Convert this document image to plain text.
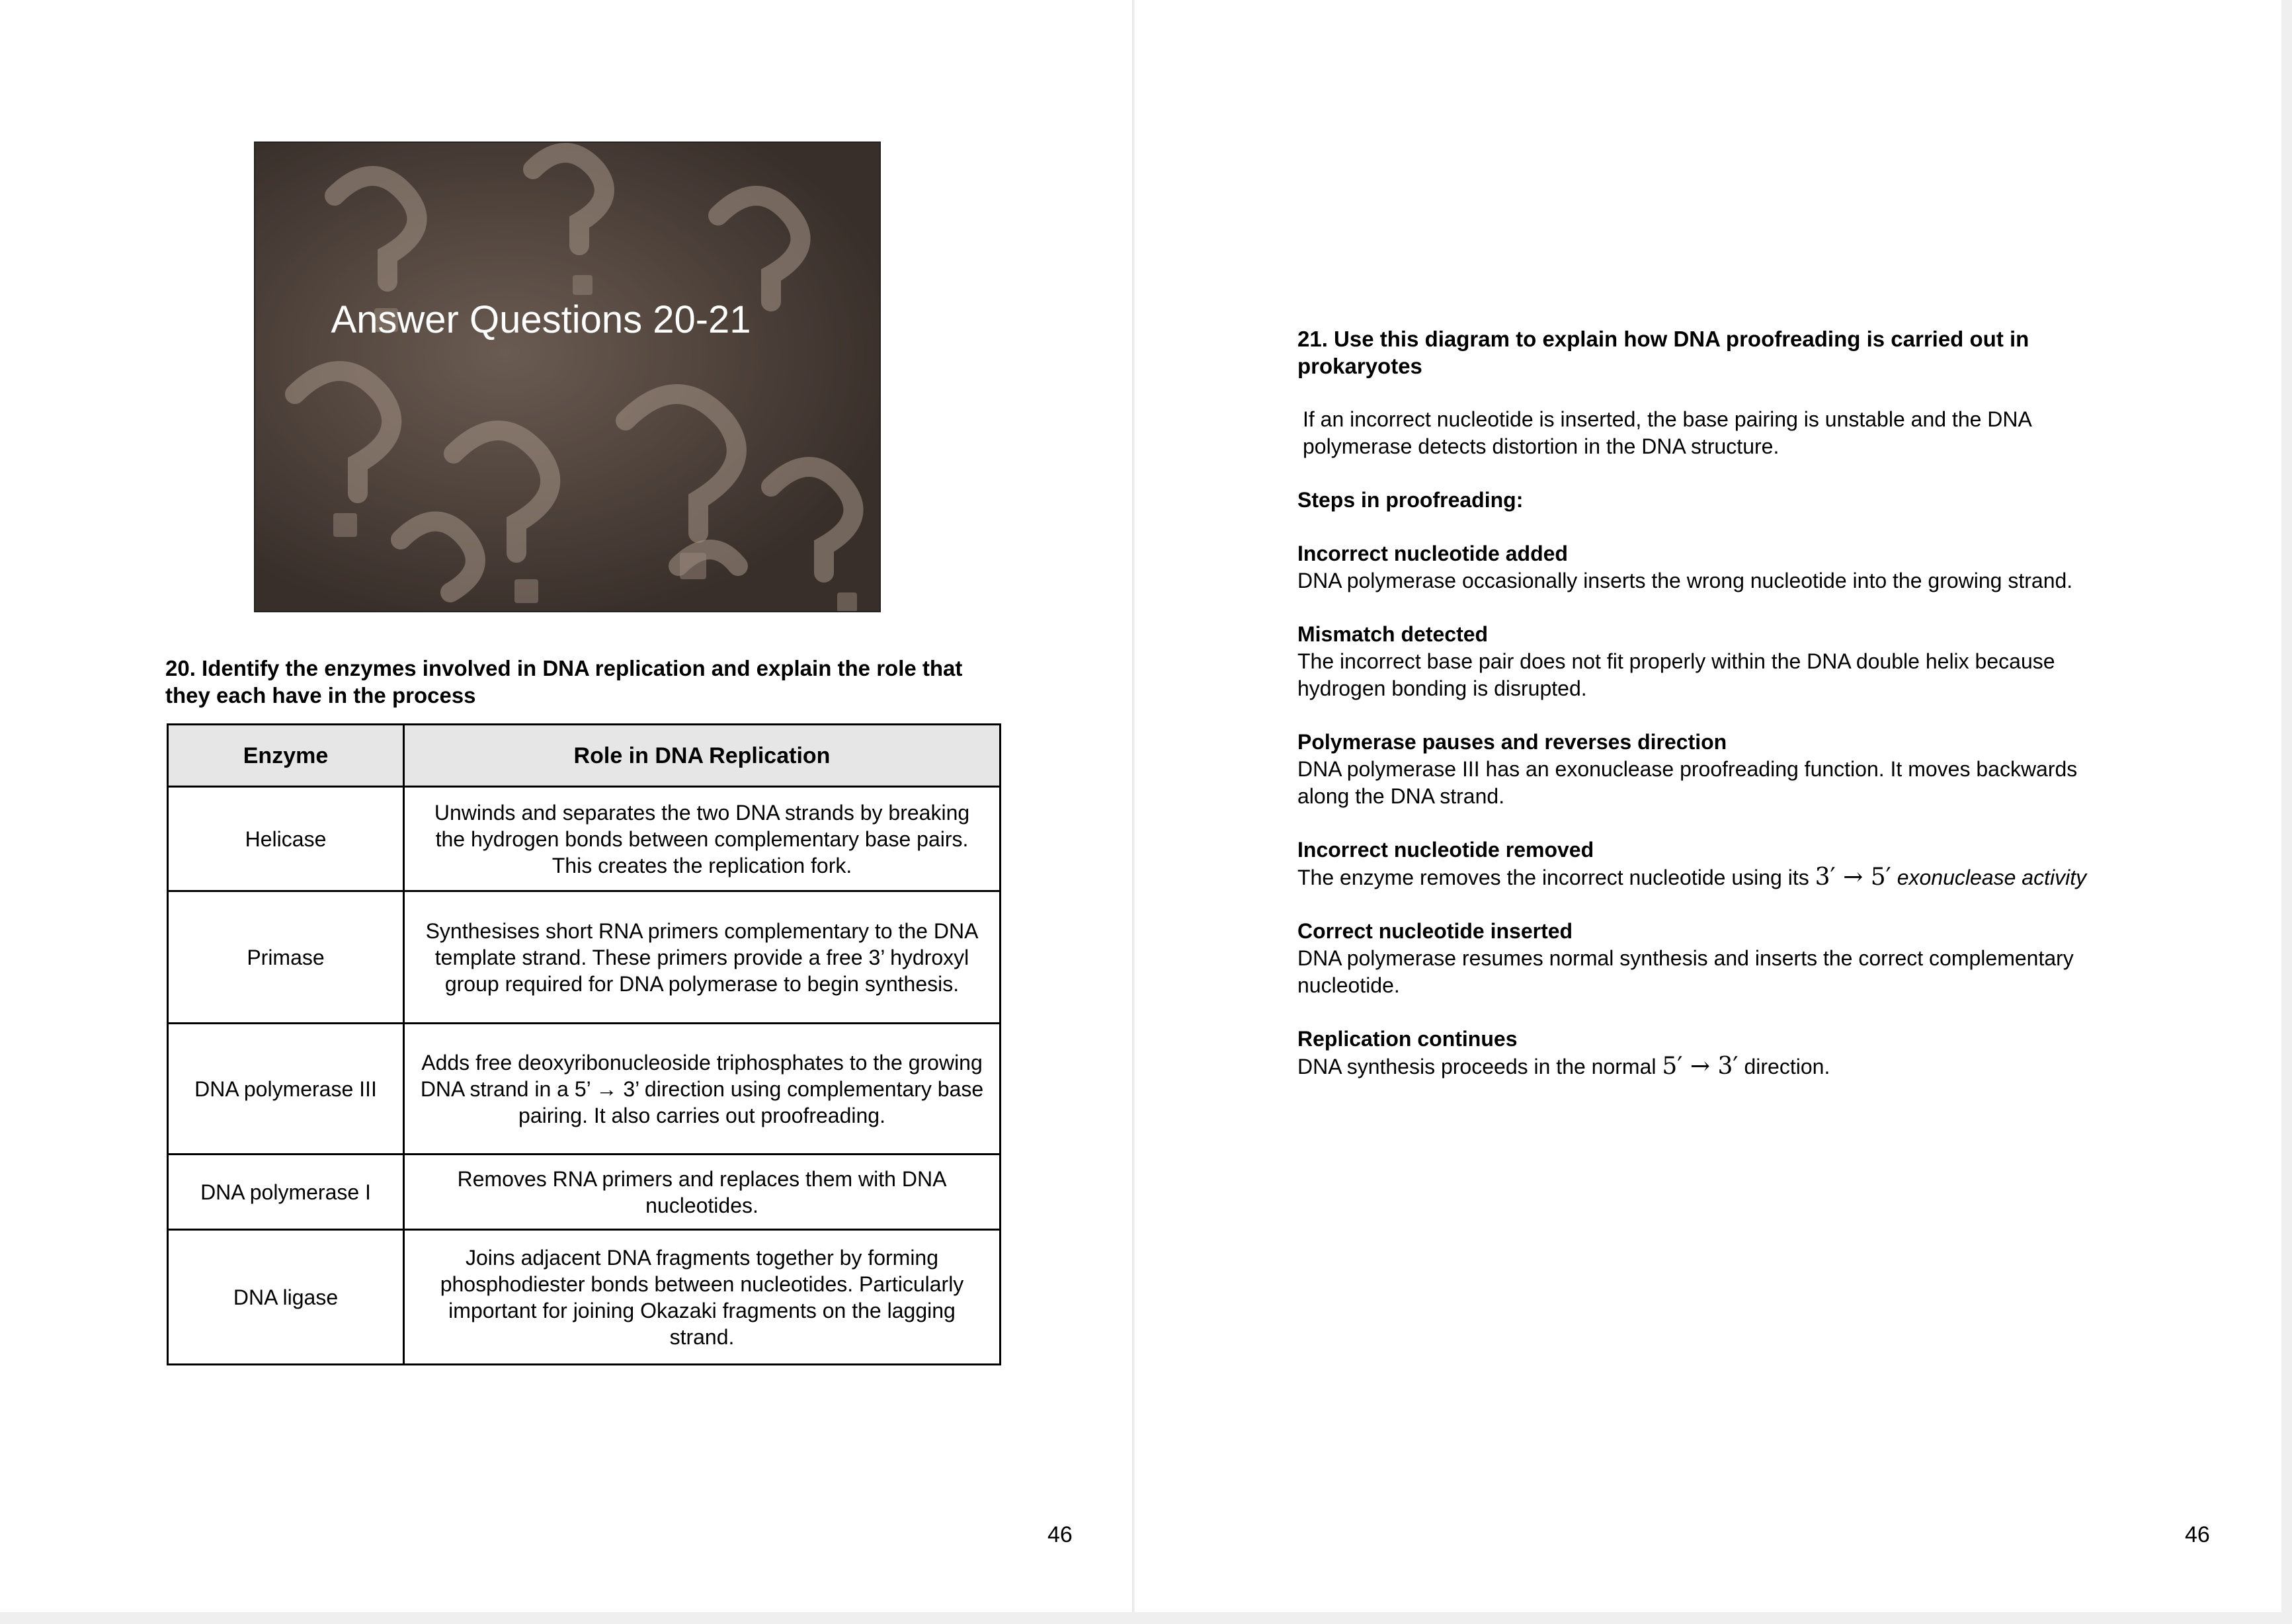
Answer Questions 20-21

20. Identify the enzymes involved in DNA replication and explain the role that they each have in the process

Enzyme	Role in DNA Replication
Helicase	Unwinds and separates the two DNA strands by breaking the hydrogen bonds between complementary base pairs. This creates the replication fork.
Primase	Synthesises short RNA primers complementary to the DNA template strand. These primers provide a free 3’ hydroxyl group required for DNA polymerase to begin synthesis.
DNA polymerase III	Adds free deoxyribonucleoside triphosphates to the growing DNA strand in a 5’ → 3’ direction using complementary base pairing. It also carries out proofreading.
DNA polymerase I	Removes RNA primers and replaces them with DNA nucleotides.
DNA ligase	Joins adjacent DNA fragments together by forming phosphodiester bonds between nucleotides. Particularly important for joining Okazaki fragments on the lagging strand.
46

21. Use this diagram to explain how DNA proofreading is carried out in prokaryotes

If an incorrect nucleotide is inserted, the base pairing is unstable and the DNA polymerase detects distortion in the DNA structure.

Steps in proofreading:

Incorrect nucleotide added
DNA polymerase occasionally inserts the wrong nucleotide into the growing strand.
Mismatch detected
The incorrect base pair does not fit properly within the DNA double helix because hydrogen bonding is disrupted.
Polymerase pauses and reverses direction
DNA polymerase III has an exonuclease proofreading function. It moves backwards along the DNA strand.
Incorrect nucleotide removed
The enzyme removes the incorrect nucleotide using its 3′ → 5′ exonuclease activity
Correct nucleotide inserted
DNA polymerase resumes normal synthesis and inserts the correct complementary nucleotide.
Replication continues
DNA synthesis proceeds in the normal 5′ → 3′ direction.
46
